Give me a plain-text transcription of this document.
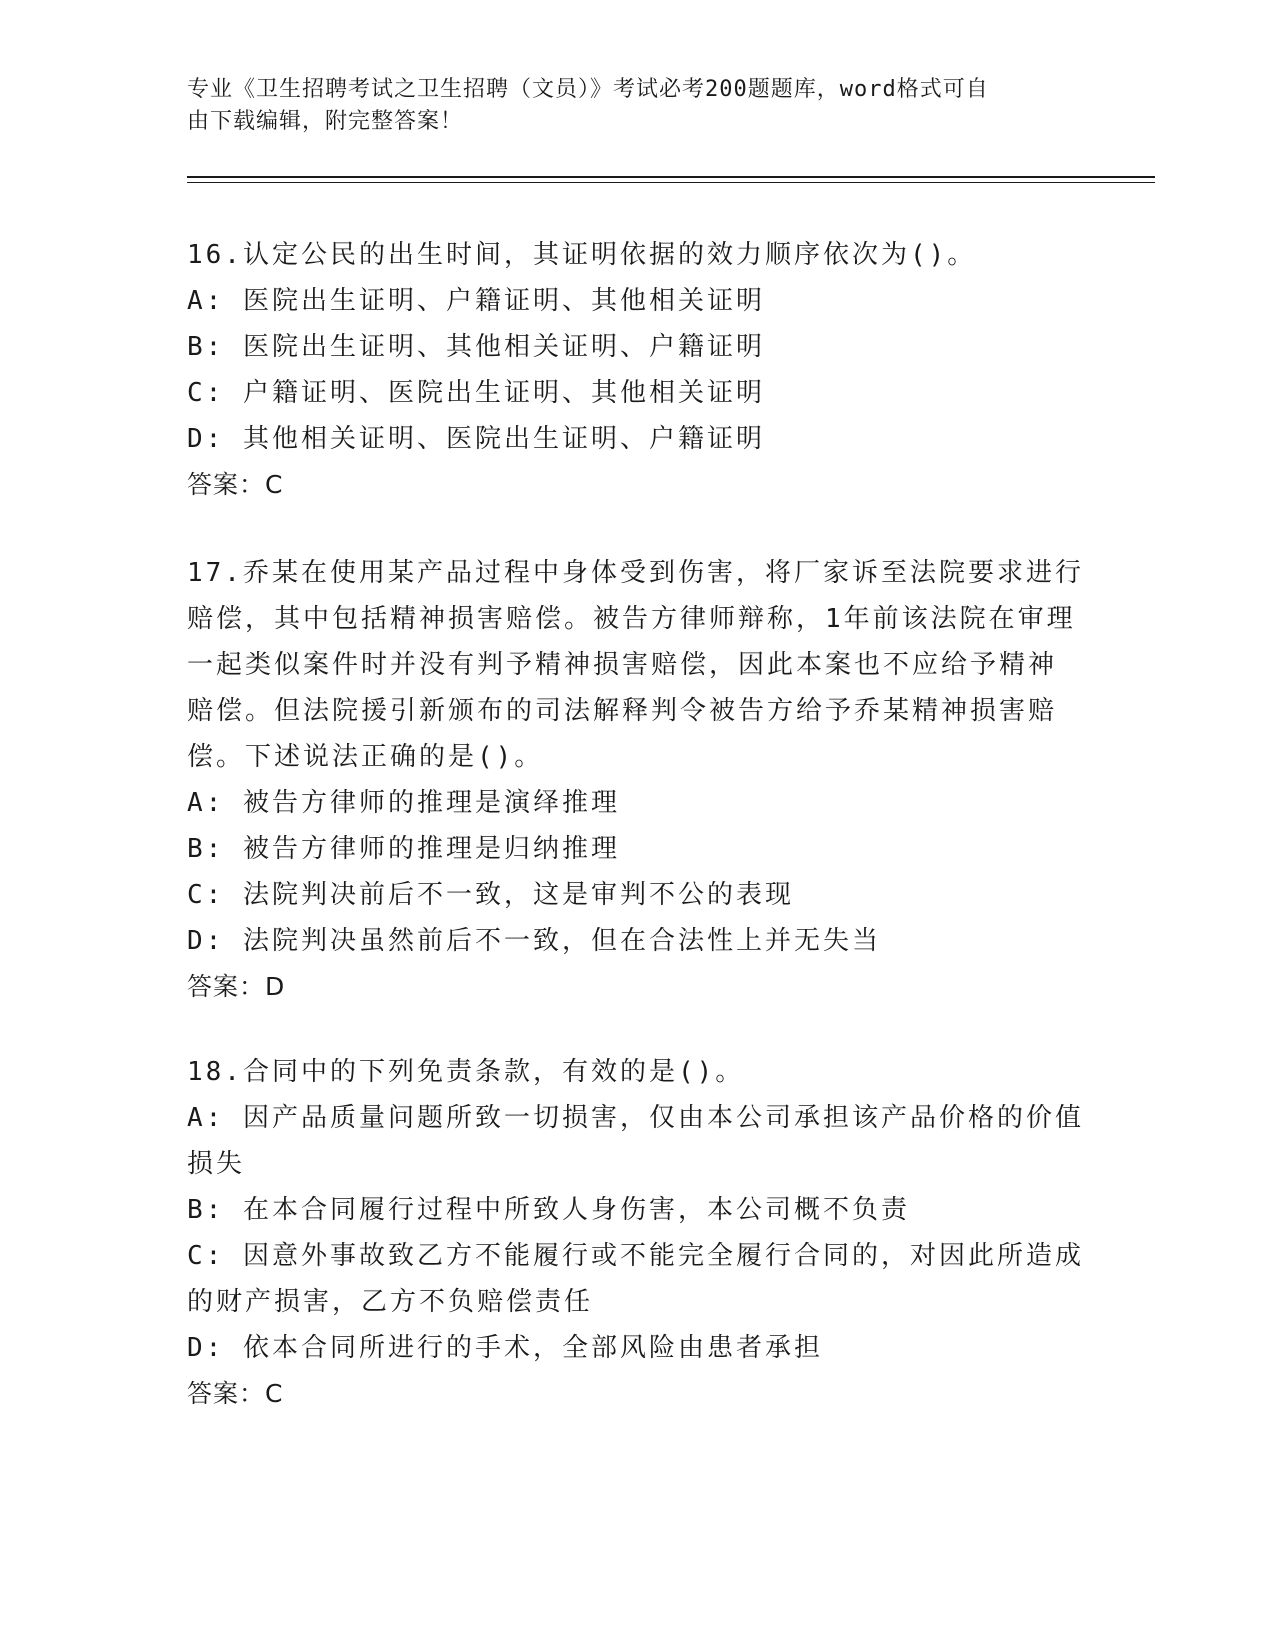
专业《卫生招聘考试之卫生招聘（文员）》考试必考200题题库，word格式可自
由下载编辑，附完整答案！
16.认定公民的出生时间，其证明依据的效力顺序依次为()。
A: 医院出生证明、户籍证明、其他相关证明
B: 医院出生证明、其他相关证明、户籍证明
C: 户籍证明、医院出生证明、其他相关证明
D: 其他相关证明、医院出生证明、户籍证明
答案：C
17.乔某在使用某产品过程中身体受到伤害，将厂家诉至法院要求进行
赔偿，其中包括精神损害赔偿。被告方律师辩称，1年前该法院在审理
一起类似案件时并没有判予精神损害赔偿，因此本案也不应给予精神
赔偿。但法院援引新颁布的司法解释判令被告方给予乔某精神损害赔
偿。下述说法正确的是()。
A: 被告方律师的推理是演绎推理
B: 被告方律师的推理是归纳推理
C: 法院判决前后不一致，这是审判不公的表现
D: 法院判决虽然前后不一致，但在合法性上并无失当
答案：D
18.合同中的下列免责条款，有效的是()。
A: 因产品质量问题所致一切损害，仅由本公司承担该产品价格的价值
损失
B: 在本合同履行过程中所致人身伤害，本公司概不负责
C: 因意外事故致乙方不能履行或不能完全履行合同的，对因此所造成
的财产损害，乙方不负赔偿责任
D: 依本合同所进行的手术，全部风险由患者承担
答案：C
